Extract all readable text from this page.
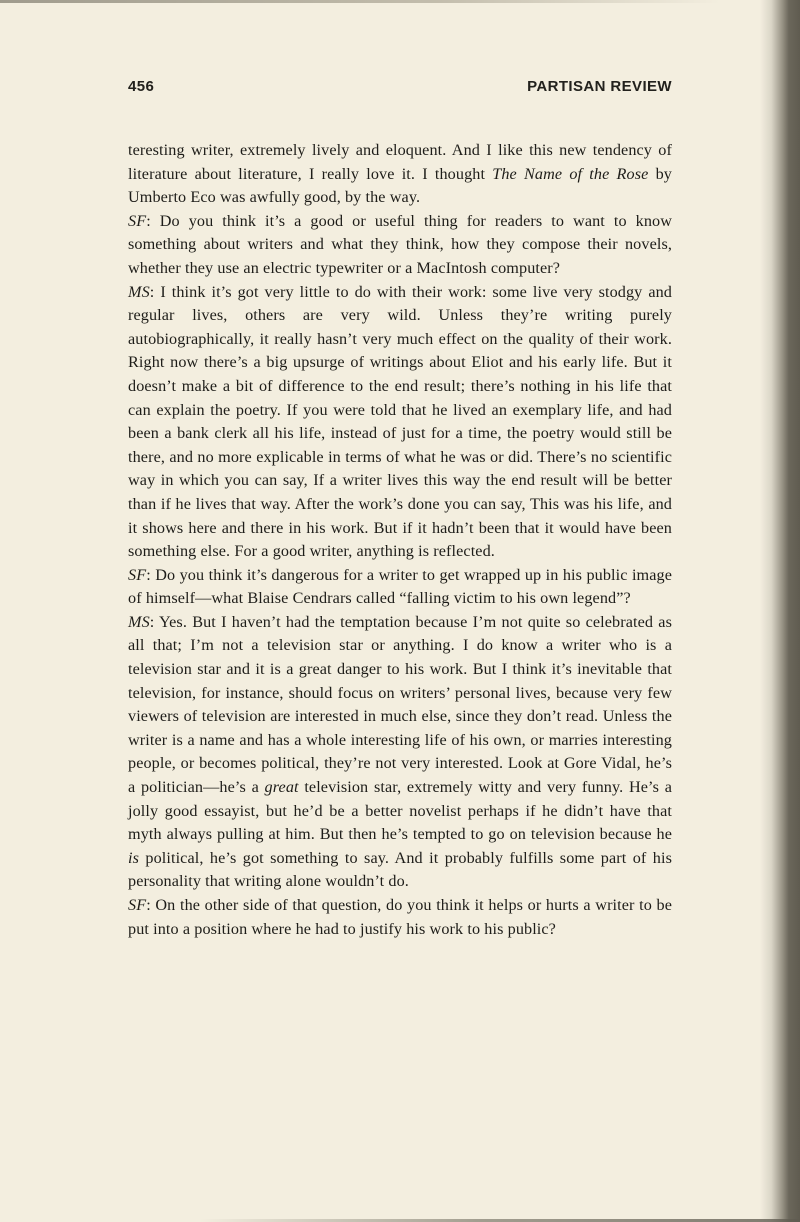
456	PARTISAN REVIEW

teresting writer, extremely lively and eloquent. And I like this new tendency of literature about literature, I really love it. I thought The Name of the Rose by Umberto Eco was awfully good, by the way.

SF: Do you think it’s a good or useful thing for readers to want to know something about writers and what they think, how they compose their novels, whether they use an electric typewriter or a MacIntosh computer?

MS: I think it’s got very little to do with their work: some live very stodgy and regular lives, others are very wild. Unless they’re writing purely autobiographically, it really hasn’t very much effect on the quality of their work. Right now there’s a big upsurge of writings about Eliot and his early life. But it doesn’t make a bit of difference to the end result; there’s nothing in his life that can explain the poetry. If you were told that he lived an exemplary life, and had been a bank clerk all his life, instead of just for a time, the poetry would still be there, and no more explicable in terms of what he was or did. There’s no scientific way in which you can say, If a writer lives this way the end result will be better than if he lives that way. After the work’s done you can say, This was his life, and it shows here and there in his work. But if it hadn’t been that it would have been something else. For a good writer, anything is reflected.

SF: Do you think it’s dangerous for a writer to get wrapped up in his public image of himself—what Blaise Cendrars called “falling victim to his own legend”?

MS: Yes. But I haven’t had the temptation because I’m not quite so celebrated as all that; I’m not a television star or anything. I do know a writer who is a television star and it is a great danger to his work. But I think it’s inevitable that television, for instance, should focus on writers’ personal lives, because very few viewers of television are interested in much else, since they don’t read. Unless the writer is a name and has a whole interesting life of his own, or marries interesting people, or becomes political, they’re not very interested. Look at Gore Vidal, he’s a politician—he’s a great television star, extremely witty and very funny. He’s a jolly good essayist, but he’d be a better novelist perhaps if he didn’t have that myth always pulling at him. But then he’s tempted to go on television because he is political, he’s got something to say. And it probably fulfills some part of his personality that writing alone wouldn’t do.

SF: On the other side of that question, do you think it helps or hurts a writer to be put into a position where he had to justify his work to his public?
